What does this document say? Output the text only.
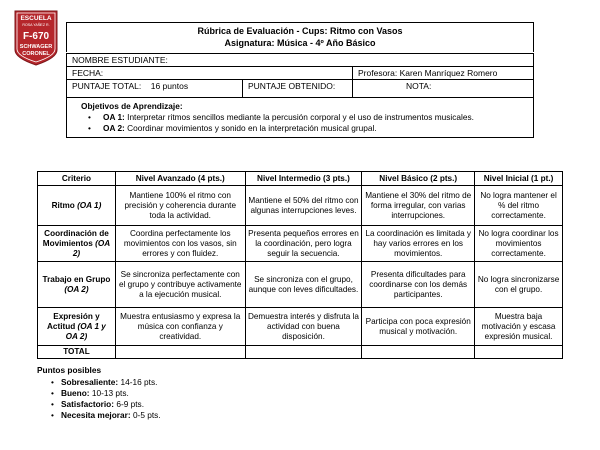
ESCUELA
ROSA YAÑEZ R.
F-670
SCHWAGER
CORONEL
Rúbrica de Evaluación - Cups: Ritmo con Vasos
Asignatura: Música - 4º Año Básico
NOMBRE ESTUDIANTE:		
FECHA:		Profesora: Karen Manríquez Romero
PUNTAJE TOTAL: 16 puntos	PUNTAJE OBTENIDO:	NOTA:
Objetivos de Aprendizaje:
• OA 1: Interpretar ritmos sencillos mediante la percusión corporal y el uso de instrumentos musicales.
• OA 2: Coordinar movimientos y sonido en la interpretación musical grupal.
Criterio	Nivel Avanzado (4 pts.)	Nivel Intermedio (3 pts.)	Nivel Básico (2 pts.)	Nivel Inicial (1 pt.)
Ritmo (OA 1)	Mantiene 100% el ritmo con precisión y coherencia durante toda la actividad.	Mantiene el 50% del ritmo con algunas interrupciones leves.	Mantiene el 30% del ritmo de forma irregular, con varias interrupciones.	No logra mantener el % del ritmo correctamente.
Coordinación de Movimientos (OA 2)	Coordina perfectamente los movimientos con los vasos, sin errores y con fluidez.	Presenta pequeños errores en la coordinación, pero logra seguir la secuencia.	La coordinación es limitada y hay varios errores en los movimientos.	No logra coordinar los movimientos correctamente.
Trabajo en Grupo (OA 2)	Se sincroniza perfectamente con el grupo y contribuye activamente a la ejecución musical.	Se sincroniza con el grupo, aunque con leves dificultades.	Presenta dificultades para coordinarse con los demás participantes.	No logra sincronizarse con el grupo.
Expresión y Actitud (OA 1 y OA 2)	Muestra entusiasmo y expresa la música con confianza y creatividad.	Demuestra interés y disfruta la actividad con buena disposición.	Participa con poca expresión musical y motivación.	Muestra baja motivación y escasa expresión musical.
TOTAL				
Puntos posibles
• Sobresaliente: 14-16 pts.
• Bueno: 10-13 pts.
• Satisfactorio: 6-9 pts.
• Necesita mejorar: 0-5 pts.
